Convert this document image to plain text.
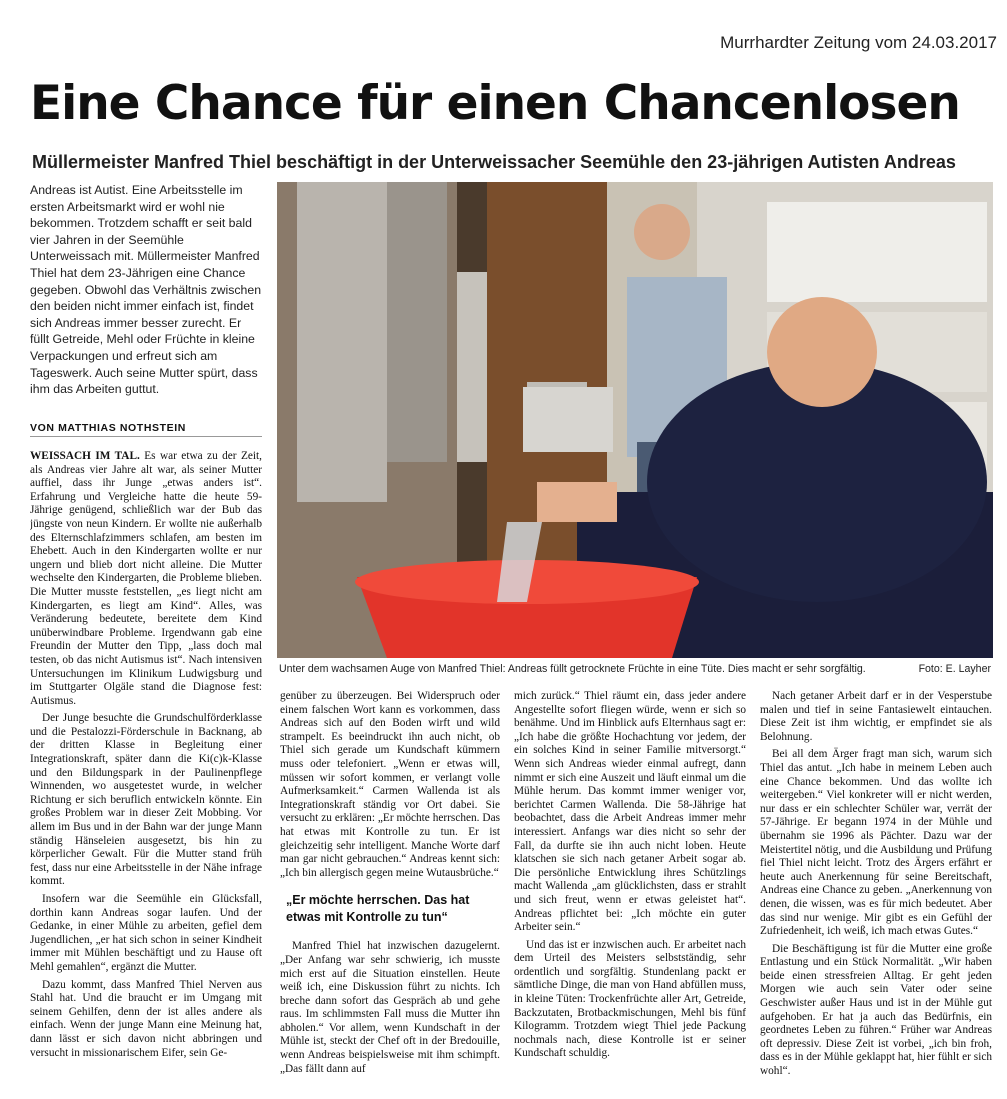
Murrhardter Zeitung vom 24.03.2017
Eine Chance für einen Chancenlosen
Müllermeister Manfred Thiel beschäftigt in der Unterweissacher Seemühle den 23-jährigen Autisten Andreas
Andreas ist Autist. Eine Arbeitsstelle im ersten Arbeitsmarkt wird er wohl nie bekommen. Trotzdem schafft er seit bald vier Jahren in der Seemühle Unterweissach mit. Müllermeister Manfred Thiel hat dem 23-Jährigen eine Chance gegeben. Obwohl das Verhältnis zwischen den beiden nicht immer einfach ist, findet sich Andreas immer besser zurecht. Er füllt Getreide, Mehl oder Früchte in kleine Verpackungen und erfreut sich am Tageswerk. Auch seine Mutter spürt, dass ihm das Arbeiten guttut.
VON MATTHIAS NOTHSTEIN
Unter dem wachsamen Auge von Manfred Thiel: Andreas füllt getrocknete Früchte in eine Tüte. Dies macht er sehr sorgfältig.	Foto: E. Layher

WEISSACH IM TAL. Es war etwa zu der Zeit, als Andreas vier Jahre alt war, als seiner Mutter auffiel, dass ihr Junge „etwas anders ist“. Erfahrung und Vergleiche hatte die heute 59-Jährige genügend, schließlich war der Bub das jüngste von neun Kindern. Er wollte nie außerhalb des Elternschlafzimmers schlafen, am besten im Ehebett. Auch in den Kindergarten wollte er nur ungern und blieb dort nicht alleine. Die Mutter wechselte den Kindergarten, die Probleme blieben. Die Mutter musste feststellen, „es liegt nicht am Kindergarten, es liegt am Kind“. Alles, was Veränderung bedeutete, bereitete dem Kind unüberwindbare Probleme. Irgendwann gab eine Freundin der Mutter den Tipp, „lass doch mal testen, ob das nicht Autismus ist“. Nach intensiven Untersuchungen im Klinikum Ludwigsburg und im Stuttgarter Olgäle stand die Diagnose fest: Autismus.

Der Junge besuchte die Grundschulförderklasse und die Pestalozzi-Förderschule in Backnang, ab der dritten Klasse in Begleitung einer Integrationskraft, später dann die Ki(c)k-Klasse und den Bildungspark in der Paulinenpflege Winnenden, wo ausgetestet wurde, in welcher Richtung er sich beruflich entwickeln könnte. Ein großes Problem war in dieser Zeit Mobbing. Vor allem im Bus und in der Bahn war der junge Mann ständig Hänseleien ausgesetzt, bis hin zu körperlicher Gewalt. Für die Mutter stand früh fest, dass nur eine Arbeitsstelle in der Nähe infrage kommt.

Insofern war die Seemühle ein Glücksfall, dorthin kann Andreas sogar laufen. Und der Gedanke, in einer Mühle zu arbeiten, gefiel dem Jugendlichen, „er hat sich schon in seiner Kindheit immer mit Mühlen beschäftigt und zu Hause oft Mehl gemahlen“, ergänzt die Mutter.

Dazu kommt, dass Manfred Thiel Nerven aus Stahl hat. Und die braucht er im Umgang mit seinem Gehilfen, denn der ist alles andere als einfach. Wenn der junge Mann eine Meinung hat, dann lässt er sich davon nicht abbringen und versucht in missionarischem Eifer, sein Ge-

genüber zu überzeugen. Bei Widerspruch oder einem falschen Wort kann es vorkommen, dass Andreas sich auf den Boden wirft und wild strampelt. Es beeindruckt ihn auch nicht, ob Thiel sich gerade um Kundschaft kümmern muss oder telefoniert. „Wenn er etwas will, müssen wir sofort kommen, er verlangt volle Aufmerksamkeit.“ Carmen Wallenda ist als Integrationskraft ständig vor Ort dabei. Sie versucht zu erklären: „Er möchte herrschen. Das hat etwas mit Kontrolle zu tun. Er ist gleichzeitig sehr intelligent. Manche Worte darf man gar nicht gebrauchen.“ Andreas kennt sich: „Ich bin allergisch gegen meine Wutausbrüche.“

„Er möchte herrschen. Das hat etwas mit Kontrolle zu tun“

Manfred Thiel hat inzwischen dazugelernt. „Der Anfang war sehr schwierig, ich musste mich erst auf die Situation einstellen. Heute weiß ich, eine Diskussion führt zu nichts. Ich breche dann sofort das Gespräch ab und gehe raus. Im schlimmsten Fall muss die Mutter ihn abholen.“ Vor allem, wenn Kundschaft in der Mühle ist, steckt der Chef oft in der Bredouille, wenn Andreas beispielsweise mit ihm schimpft. „Das fällt dann auf

mich zurück.“ Thiel räumt ein, dass jeder andere Angestellte sofort fliegen würde, wenn er sich so benähme. Und im Hinblick aufs Elternhaus sagt er: „Ich habe die größte Hochachtung vor jedem, der ein solches Kind in seiner Familie mitversorgt.“ Wenn sich Andreas wieder einmal aufregt, dann nimmt er sich eine Auszeit und läuft einmal um die Mühle herum. Das kommt immer weniger vor, berichtet Carmen Wallenda. Die 58-Jährige hat beobachtet, dass die Arbeit Andreas immer mehr interessiert. Anfangs war dies nicht so sehr der Fall, da durfte sie ihn auch nicht loben. Heute klatschen sie sich nach getaner Arbeit sogar ab. Die persönliche Entwicklung ihres Schützlings macht Wallenda „am glücklichsten, dass er strahlt und sich freut, wenn er etwas geleistet hat“. Andreas pflichtet bei: „Ich möchte ein guter Arbeiter sein.“

Und das ist er inzwischen auch. Er arbeitet nach dem Urteil des Meisters selbstständig, sehr ordentlich und sorgfältig. Stundenlang packt er sämtliche Dinge, die man von Hand abfüllen muss, in kleine Tüten: Trockenfrüchte aller Art, Getreide, Backzutaten, Brotbackmischungen, Mehl bis fünf Kilogramm. Trotzdem wiegt Thiel jede Packung nochmals nach, diese Kontrolle ist er seiner Kundschaft schuldig.

Nach getaner Arbeit darf er in der Vesperstube malen und tief in seine Fantasiewelt eintauchen. Diese Zeit ist ihm wichtig, er empfindet sie als Belohnung.

Bei all dem Ärger fragt man sich, warum sich Thiel das antut. „Ich habe in meinem Leben auch eine Chance bekommen. Und das wollte ich weitergeben.“ Viel konkreter will er nicht werden, nur dass er ein schlechter Schüler war, verrät der 57-Jährige. Er begann 1974 in der Mühle und übernahm sie 1996 als Pächter. Dazu war der Meistertitel nötig, und die Ausbildung und Prüfung fiel Thiel nicht leicht. Trotz des Ärgers erfährt er heute auch Anerkennung für seine Bereitschaft, Andreas eine Chance zu geben. „Anerkennung von denen, die wissen, was es für mich bedeutet. Aber das sind nur wenige. Mir gibt es ein Gefühl der Zufriedenheit, ich weiß, ich mach etwas Gutes.“

Die Beschäftigung ist für die Mutter eine große Entlastung und ein Stück Normalität. „Wir haben beide einen stressfreien Alltag. Er geht jeden Morgen wie auch sein Vater oder seine Geschwister außer Haus und ist in der Mühle gut aufgehoben. Er hat ja auch das Bedürfnis, ein geordnetes Leben zu führen.“ Früher war Andreas oft depressiv. Diese Zeit ist vorbei, „ich bin froh, dass es in der Mühle geklappt hat, hier fühlt er sich wohl“.
